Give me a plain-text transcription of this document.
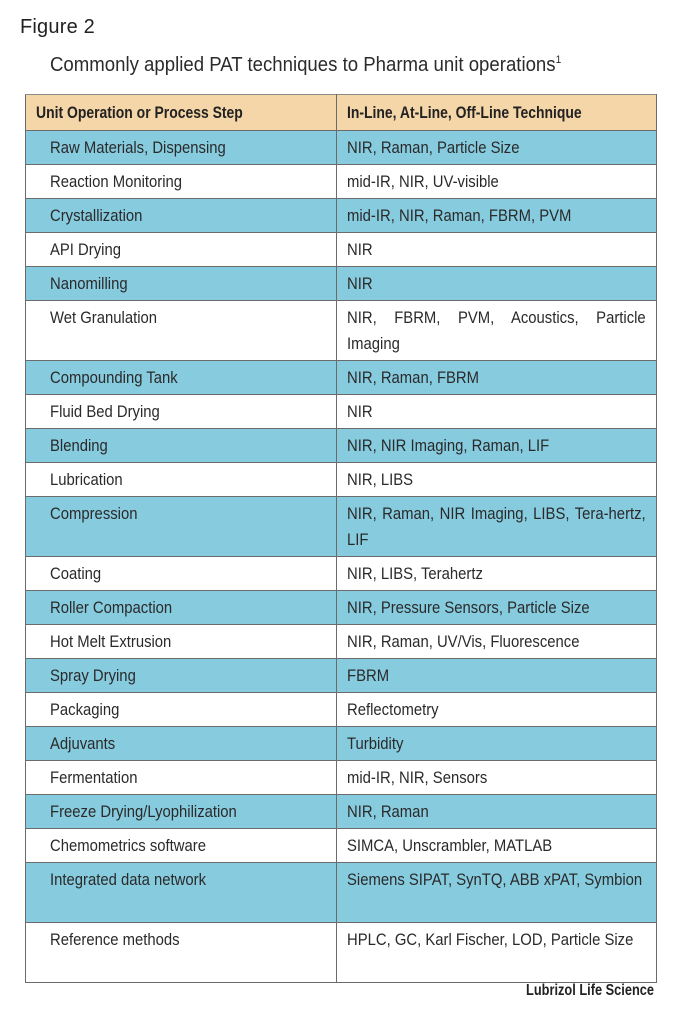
Figure 2
Commonly applied PAT techniques to Pharma unit operations$^1$
Unit Operation or Process Step	In-Line, At-Line, Off-Line Technique
Raw Materials, Dispensing	NIR, Raman, Particle Size
Reaction Monitoring	mid-IR, NIR, UV-visible
Crystallization	mid-IR, NIR, Raman, FBRM, PVM
API Drying	NIR
Nanomilling	NIR
Wet Granulation	NIR, FBRM, PVM, Acoustics, Particle Imaging

Compounding Tank	NIR, Raman, FBRM
Fluid Bed Drying	NIR
Blending	NIR, NIR Imaging, Raman, LIF
Lubrication	NIR, LIBS
Compression	NIR, Raman, NIR Imaging, LIBS, Tera-hertz, LIF

Coating	NIR, LIBS, Terahertz
Roller Compaction	NIR, Pressure Sensors, Particle Size
Hot Melt Extrusion	NIR, Raman, UV/Vis, Fluorescence
Spray Drying	FBRM
Packaging	Reflectometry
Adjuvants	Turbidity
Fermentation	mid-IR, NIR, Sensors
Freeze Drying/Lyophilization	NIR, Raman
Chemometrics software	SIMCA, Unscrambler, MATLAB
Integrated data network	Siemens SIPAT, SynTQ, ABB xPAT, Symbion

Reference methods	HPLC, GC, Karl Fischer, LOD, Particle Size
Lubrizol Life Science
